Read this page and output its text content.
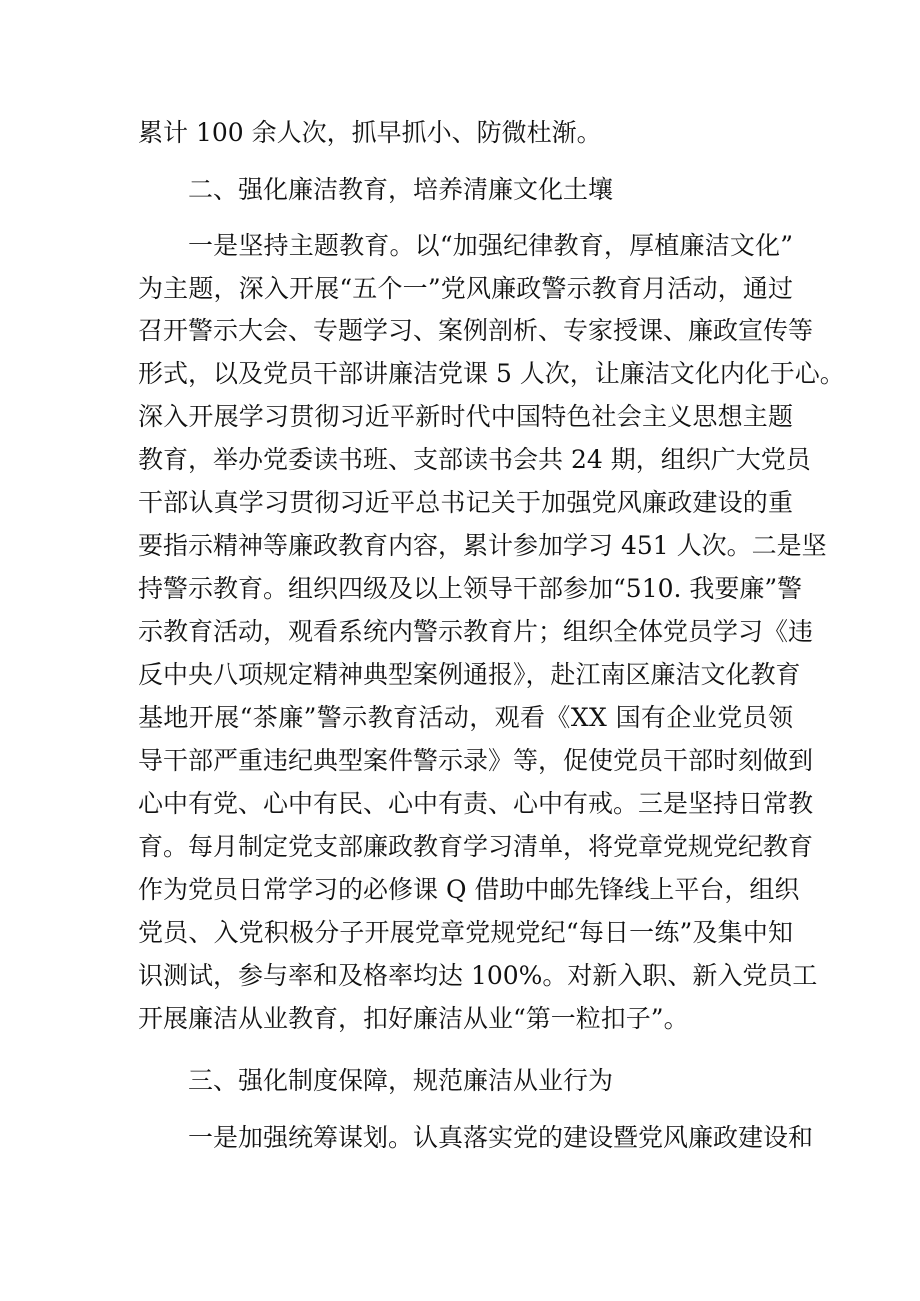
累计 100 余人次，抓早抓小、防微杜渐。
二、强化廉洁教育，培养清廉文化土壤
一是坚持主题教育。以“加强纪律教育，厚植廉洁文化”
为主题，深入开展“五个一”党风廉政警示教育月活动，通过
召开警示大会、专题学习、案例剖析、专家授课、廉政宣传等
形式，以及党员干部讲廉洁党课 5 人次，让廉洁文化内化于心。
深入开展学习贯彻习近平新时代中国特色社会主义思想主题
教育，举办党委读书班、支部读书会共 24 期，组织广大党员
干部认真学习贯彻习近平总书记关于加强党风廉政建设的重
要指示精神等廉政教育内容，累计参加学习 451 人次。二是坚
持警示教育。组织四级及以上领导干部参加“510. 我要廉”警
示教育活动，观看系统内警示教育片；组织全体党员学习《违
反中央八项规定精神典型案例通报》，赴江南区廉洁文化教育
基地开展“茶廉”警示教育活动，观看《XX 国有企业党员领
导干部严重违纪典型案件警示录》等，促使党员干部时刻做到
心中有党、心中有民、心中有责、心中有戒。三是坚持日常教
育。每月制定党支部廉政教育学习清单，将党章党规党纪教育
作为党员日常学习的必修课 Q 借助中邮先锋线上平台，组织
党员、入党积极分子开展党章党规党纪“每日一练”及集中知
识测试，参与率和及格率均达 100%。对新入职、新入党员工
开展廉洁从业教育，扣好廉洁从业“第一粒扣子”。
三、强化制度保障，规范廉洁从业行为
一是加强统筹谋划。认真落实党的建设暨党风廉政建设和
